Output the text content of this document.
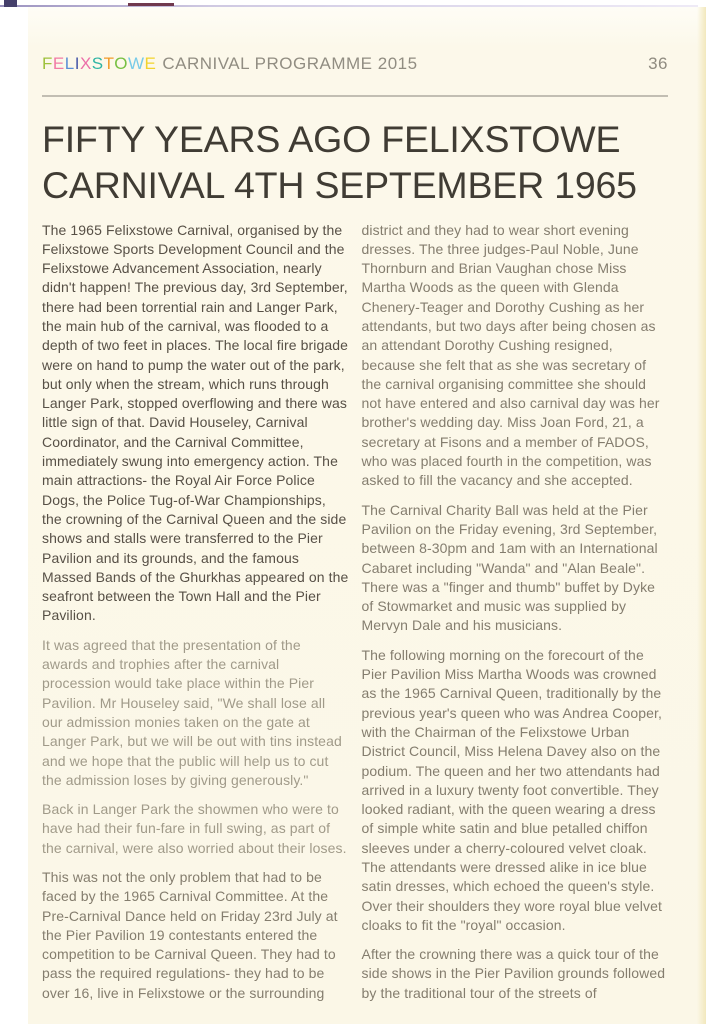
FELIXSTOWE CARNIVAL PROGRAMME 2015	36
FIFTY YEARS AGO FELIXSTOWE
CARNIVAL 4TH SEPTEMBER 1965

The 1965 Felixstowe Carnival, organised by the Felixstowe Sports Development Council and the Felixstowe Advancement Association, nearly didn't happen! The previous day, 3rd September, there had been torrential rain and Langer Park, the main hub of the carnival, was flooded to a depth of two feet in places. The local fire brigade were on hand to pump the water out of the park, but only when the stream, which runs through Langer Park, stopped overflowing and there was little sign of that. David Houseley, Carnival Coordinator, and the Carnival Committee, immediately swung into emergency action. The main attractions- the Royal Air Force Police Dogs, the Police Tug-of-War Championships, the crowning of the Carnival Queen and the side shows and stalls were transferred to the Pier Pavilion and its grounds, and the famous Massed Bands of the Ghurkhas appeared on the seafront between the Town Hall and the Pier Pavilion.

It was agreed that the presentation of the awards and trophies after the carnival procession would take place within the Pier Pavilion. Mr Houseley said, "We shall lose all our admission monies taken on the gate at Langer Park, but we will be out with tins instead and we hope that the public will help us to cut the admission loses by giving generously."

Back in Langer Park the showmen who were to have had their fun-fare in full swing, as part of the carnival, were also worried about their loses.

This was not the only problem that had to be faced by the 1965 Carnival Committee. At the Pre-Carnival Dance held on Friday 23rd July at the Pier Pavilion 19 contestants entered the competition to be Carnival Queen. They had to pass the required regulations- they had to be over 16, live in Felixstowe or the surrounding

district and they had to wear short evening dresses. The three judges-Paul Noble, June Thornburn and Brian Vaughan chose Miss Martha Woods as the queen with Glenda Chenery-Teager and Dorothy Cushing as her attendants, but two days after being chosen as an attendant Dorothy Cushing resigned, because she felt that as she was secretary of the carnival organising committee she should not have entered and also carnival day was her brother's wedding day. Miss Joan Ford, 21, a secretary at Fisons and a member of FADOS, who was placed fourth in the competition, was asked to fill the vacancy and she accepted.

The Carnival Charity Ball was held at the Pier Pavilion on the Friday evening, 3rd September, between 8-30pm and 1am with an International Cabaret including "Wanda" and "Alan Beale". There was a "finger and thumb" buffet by Dyke of Stowmarket and music was supplied by Mervyn Dale and his musicians.

The following morning on the forecourt of the Pier Pavilion Miss Martha Woods was crowned as the 1965 Carnival Queen, traditionally by the previous year's queen who was Andrea Cooper, with the Chairman of the Felixstowe Urban District Council, Miss Helena Davey also on the podium. The queen and her two attendants had arrived in a luxury twenty foot convertible. They looked radiant, with the queen wearing a dress of simple white satin and blue petalled chiffon sleeves under a cherry-coloured velvet cloak. The attendants were dressed alike in ice blue satin dresses, which echoed the queen's style. Over their shoulders they wore royal blue velvet cloaks to fit the "royal" occasion.

After the crowning there was a quick tour of the side shows in the Pier Pavilion grounds followed by the traditional tour of the streets of
